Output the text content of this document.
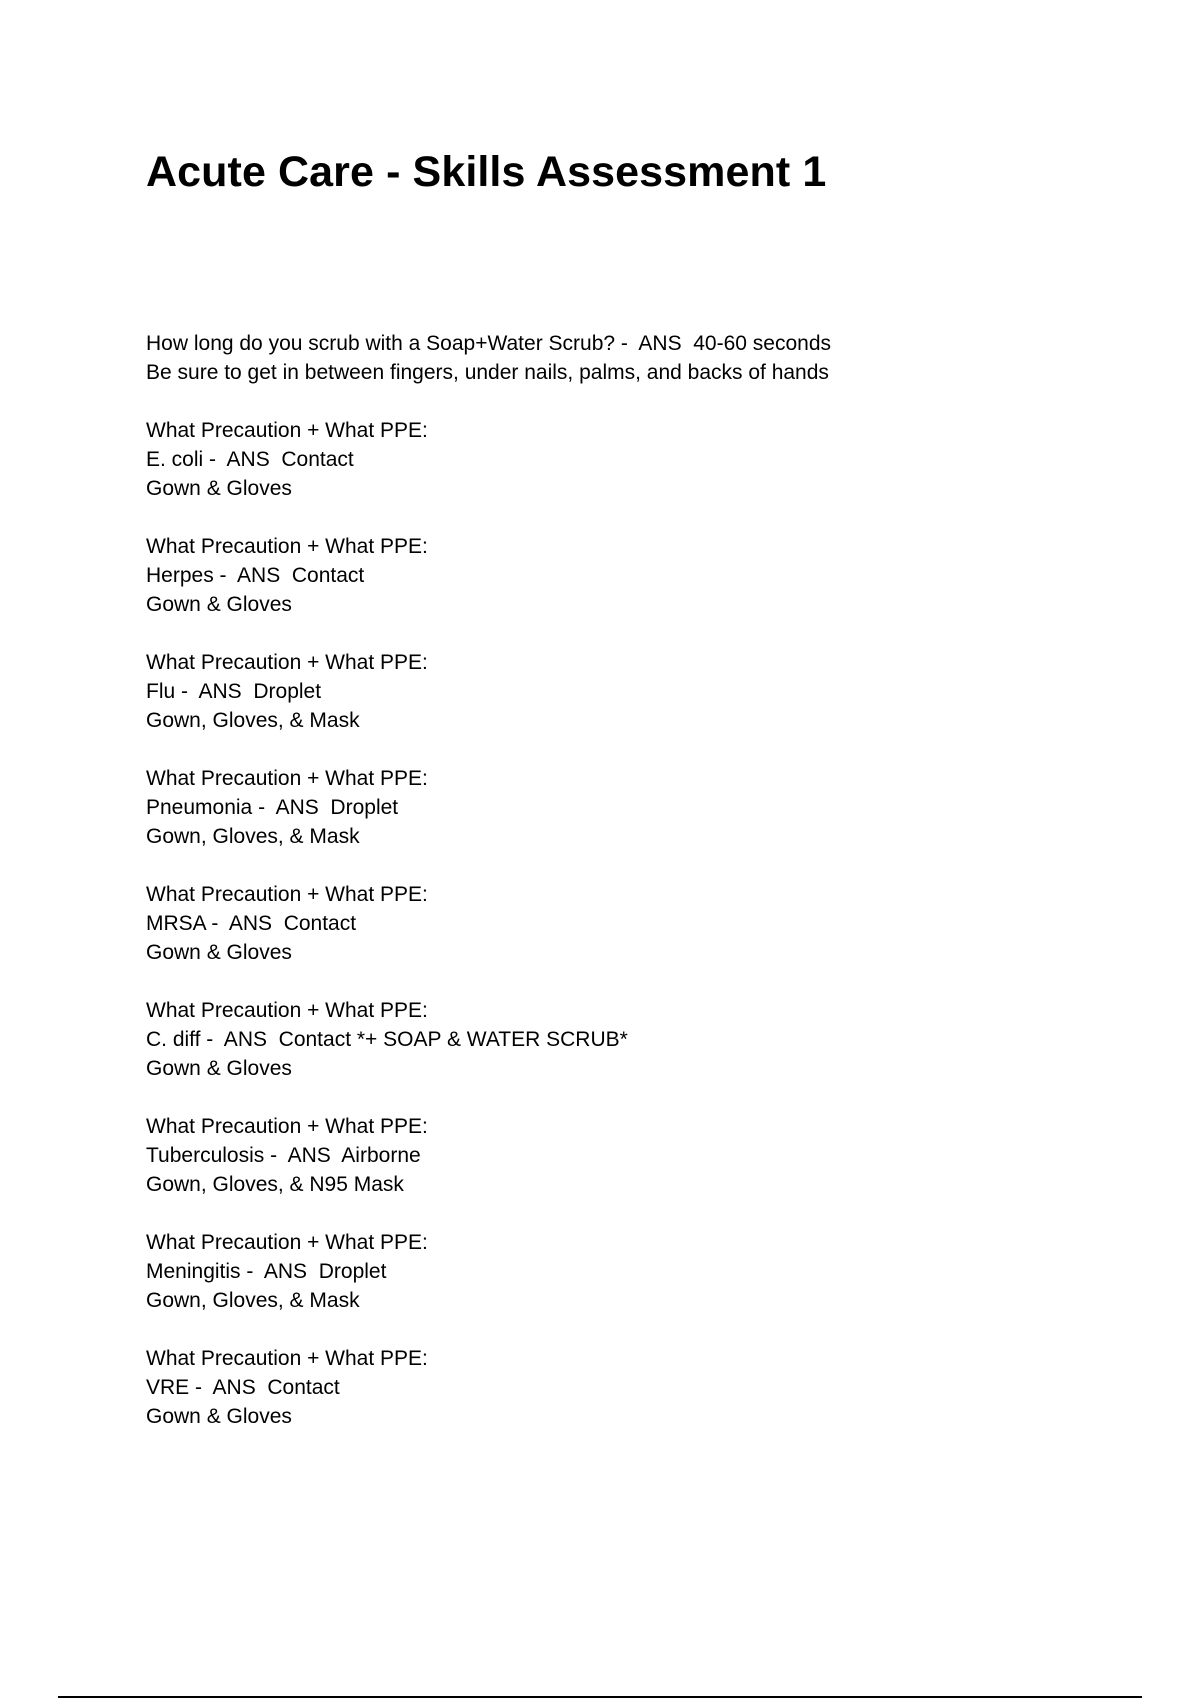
Acute Care - Skills Assessment 1
How long do you scrub with a Soap+Water Scrub? -  ANS  40-60 seconds
Be sure to get in between fingers, under nails, palms, and backs of hands
What Precaution + What PPE:
E. coli -  ANS  Contact
Gown & Gloves
What Precaution + What PPE:
Herpes -  ANS  Contact
Gown & Gloves
What Precaution + What PPE:
Flu -  ANS  Droplet
Gown, Gloves, & Mask
What Precaution + What PPE:
Pneumonia -  ANS  Droplet
Gown, Gloves, & Mask
What Precaution + What PPE:
MRSA -  ANS  Contact
Gown & Gloves
What Precaution + What PPE:
C. diff -  ANS  Contact *+ SOAP & WATER SCRUB*
Gown & Gloves
What Precaution + What PPE:
Tuberculosis -  ANS  Airborne
Gown, Gloves, & N95 Mask
What Precaution + What PPE:
Meningitis -  ANS  Droplet
Gown, Gloves, & Mask
What Precaution + What PPE:
VRE -  ANS  Contact
Gown & Gloves
